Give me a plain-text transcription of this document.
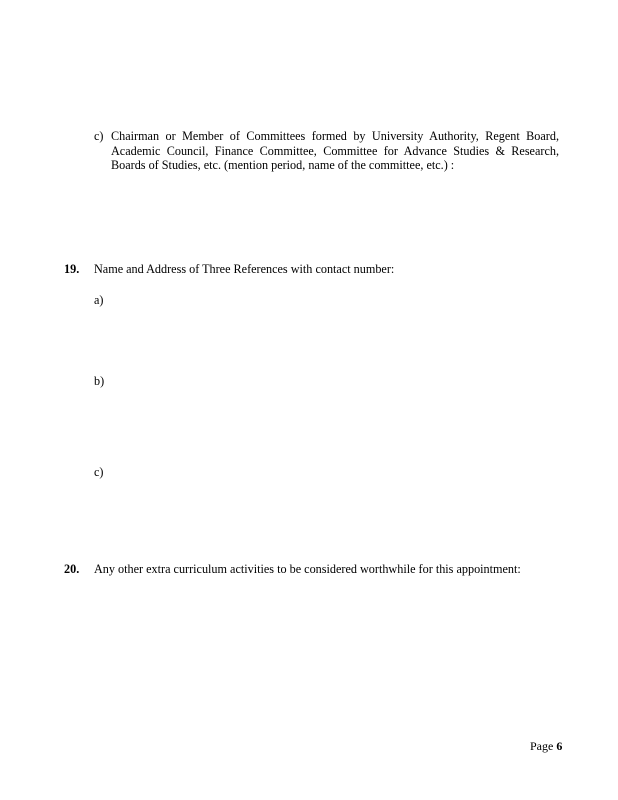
c) Chairman or Member of Committees formed by University Authority, Regent Board, Academic Council, Finance Committee, Committee for Advance Studies & Research, Boards of Studies, etc. (mention period, name of the committee, etc.) :
19. Name and Address of Three References with contact number:
a)
b)
c)
20. Any other extra curriculum activities to be considered worthwhile for this appointment:
Page 6
